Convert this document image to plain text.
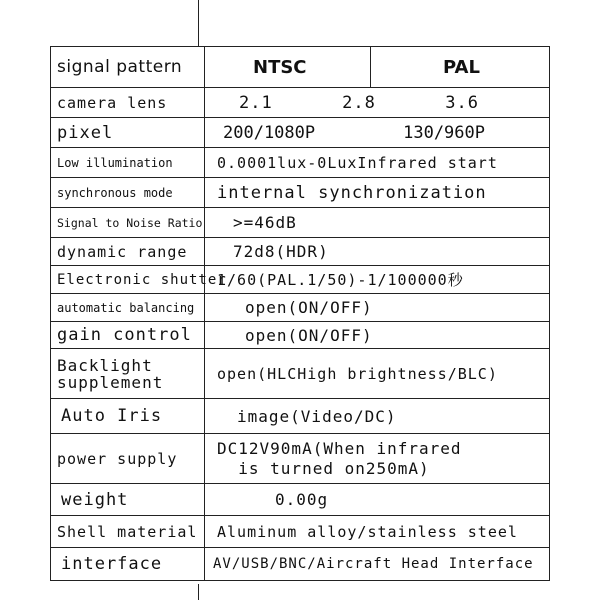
signal pattern	NTSC	PAL
camera lens	2.1 2.8 3.6	

pixel	200/1080P 130/960P	

Low illumination	0.0001lux-0LuxInfrared start	
synchronous mode	internal synchronization	
Signal to Noise Ratio	>=46dB	
dynamic range	72d8(HDR)	
Electronic shutter	1/60(PAL.1/50)-1/100000秒	
automatic balancing	open(ON/OFF)	
gain control	open(ON/OFF)	

Backlight
supplement	open(HLCHigh brightness/BLC)	
Auto Iris	image(Video/DC)	
power supply	DC12V90mA(When infrared
is turned on250mA)	

weight	0.00g	
Shell material	Aluminum alloy/stainless steel	
interface	AV/USB/BNC/Aircraft Head Interface	
